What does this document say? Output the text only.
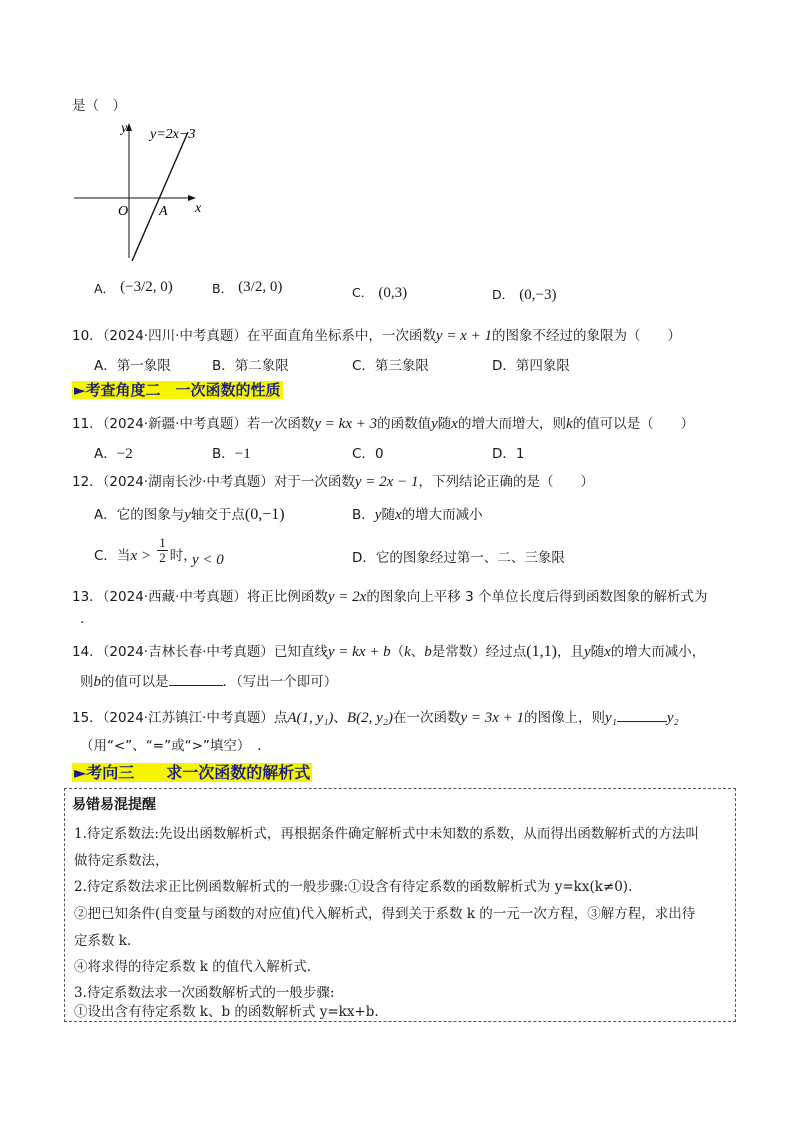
是（　）
y
x
O A
y=2x−3
A． (−3/2, 0)	B． (3/2, 0)	C． (0,3)	D． (0,−3)
10．（2024·四川·中考真题）在平面直角坐标系中，一次函数y = x + 1的图象不经过的象限为（　　）
A．第一象限	B．第二象限	C．第三象限	D．第四象限
►考查角度二　一次函数的性质
11．（2024·新疆·中考真题）若一次函数y = kx + 3的函数值y随x的增大而增大，则k的值可以是（　　）
A．−2	B．−1	C．0	D．1
12．（2024·湖南长沙·中考真题）对于一次函数y = 2x − 1，下列结论正确的是（　　）
A．它的图象与y轴交于点(0,−1)	B．y随x的增大而减小
C．当$x > \frac{1}{2}$ 时，
y < 0	D．它的图象经过第一、二、三象限
13．（2024·西藏·中考真题）将正比例函数y = 2x的图象向上平移 3 个单位长度后得到函数图象的解析式为
.
14．（2024·吉林长春·中考真题）已知直线y = kx + b（k、b是常数）经过点(1,1)，且y随x的增大而减小，
则b的值可以是	．（写出一个即可）
15．（2024·江苏镇江·中考真题）点A(1, y₁)、B(2, y₂)在一次函数y = 3x + 1的图像上，则y₁	y₂
（用“<”、“=”或“>”填空）　.
►考向三　　求一次函数的解析式
易错易混提醒
1.待定系数法:先设出函数解析式，再根据条件确定解析式中未知数的系数，从而得出函数解析式的方法叫
做待定系数法，
2.待定系数法求正比例函数解析式的一般步骤:①设含有待定系数的函数解析式为 y=kx(k≠0).
②把已知条件(自变量与函数的对应值)代入解析式，得到关于系数 k 的一元一次方程，③解方程，求出待
定系数 k.
④将求得的待定系数 k 的值代入解析式.
3.待定系数法求一次函数解析式的一般步骤:
①设出含有待定系数 k、b 的函数解析式 y=kx+b.
